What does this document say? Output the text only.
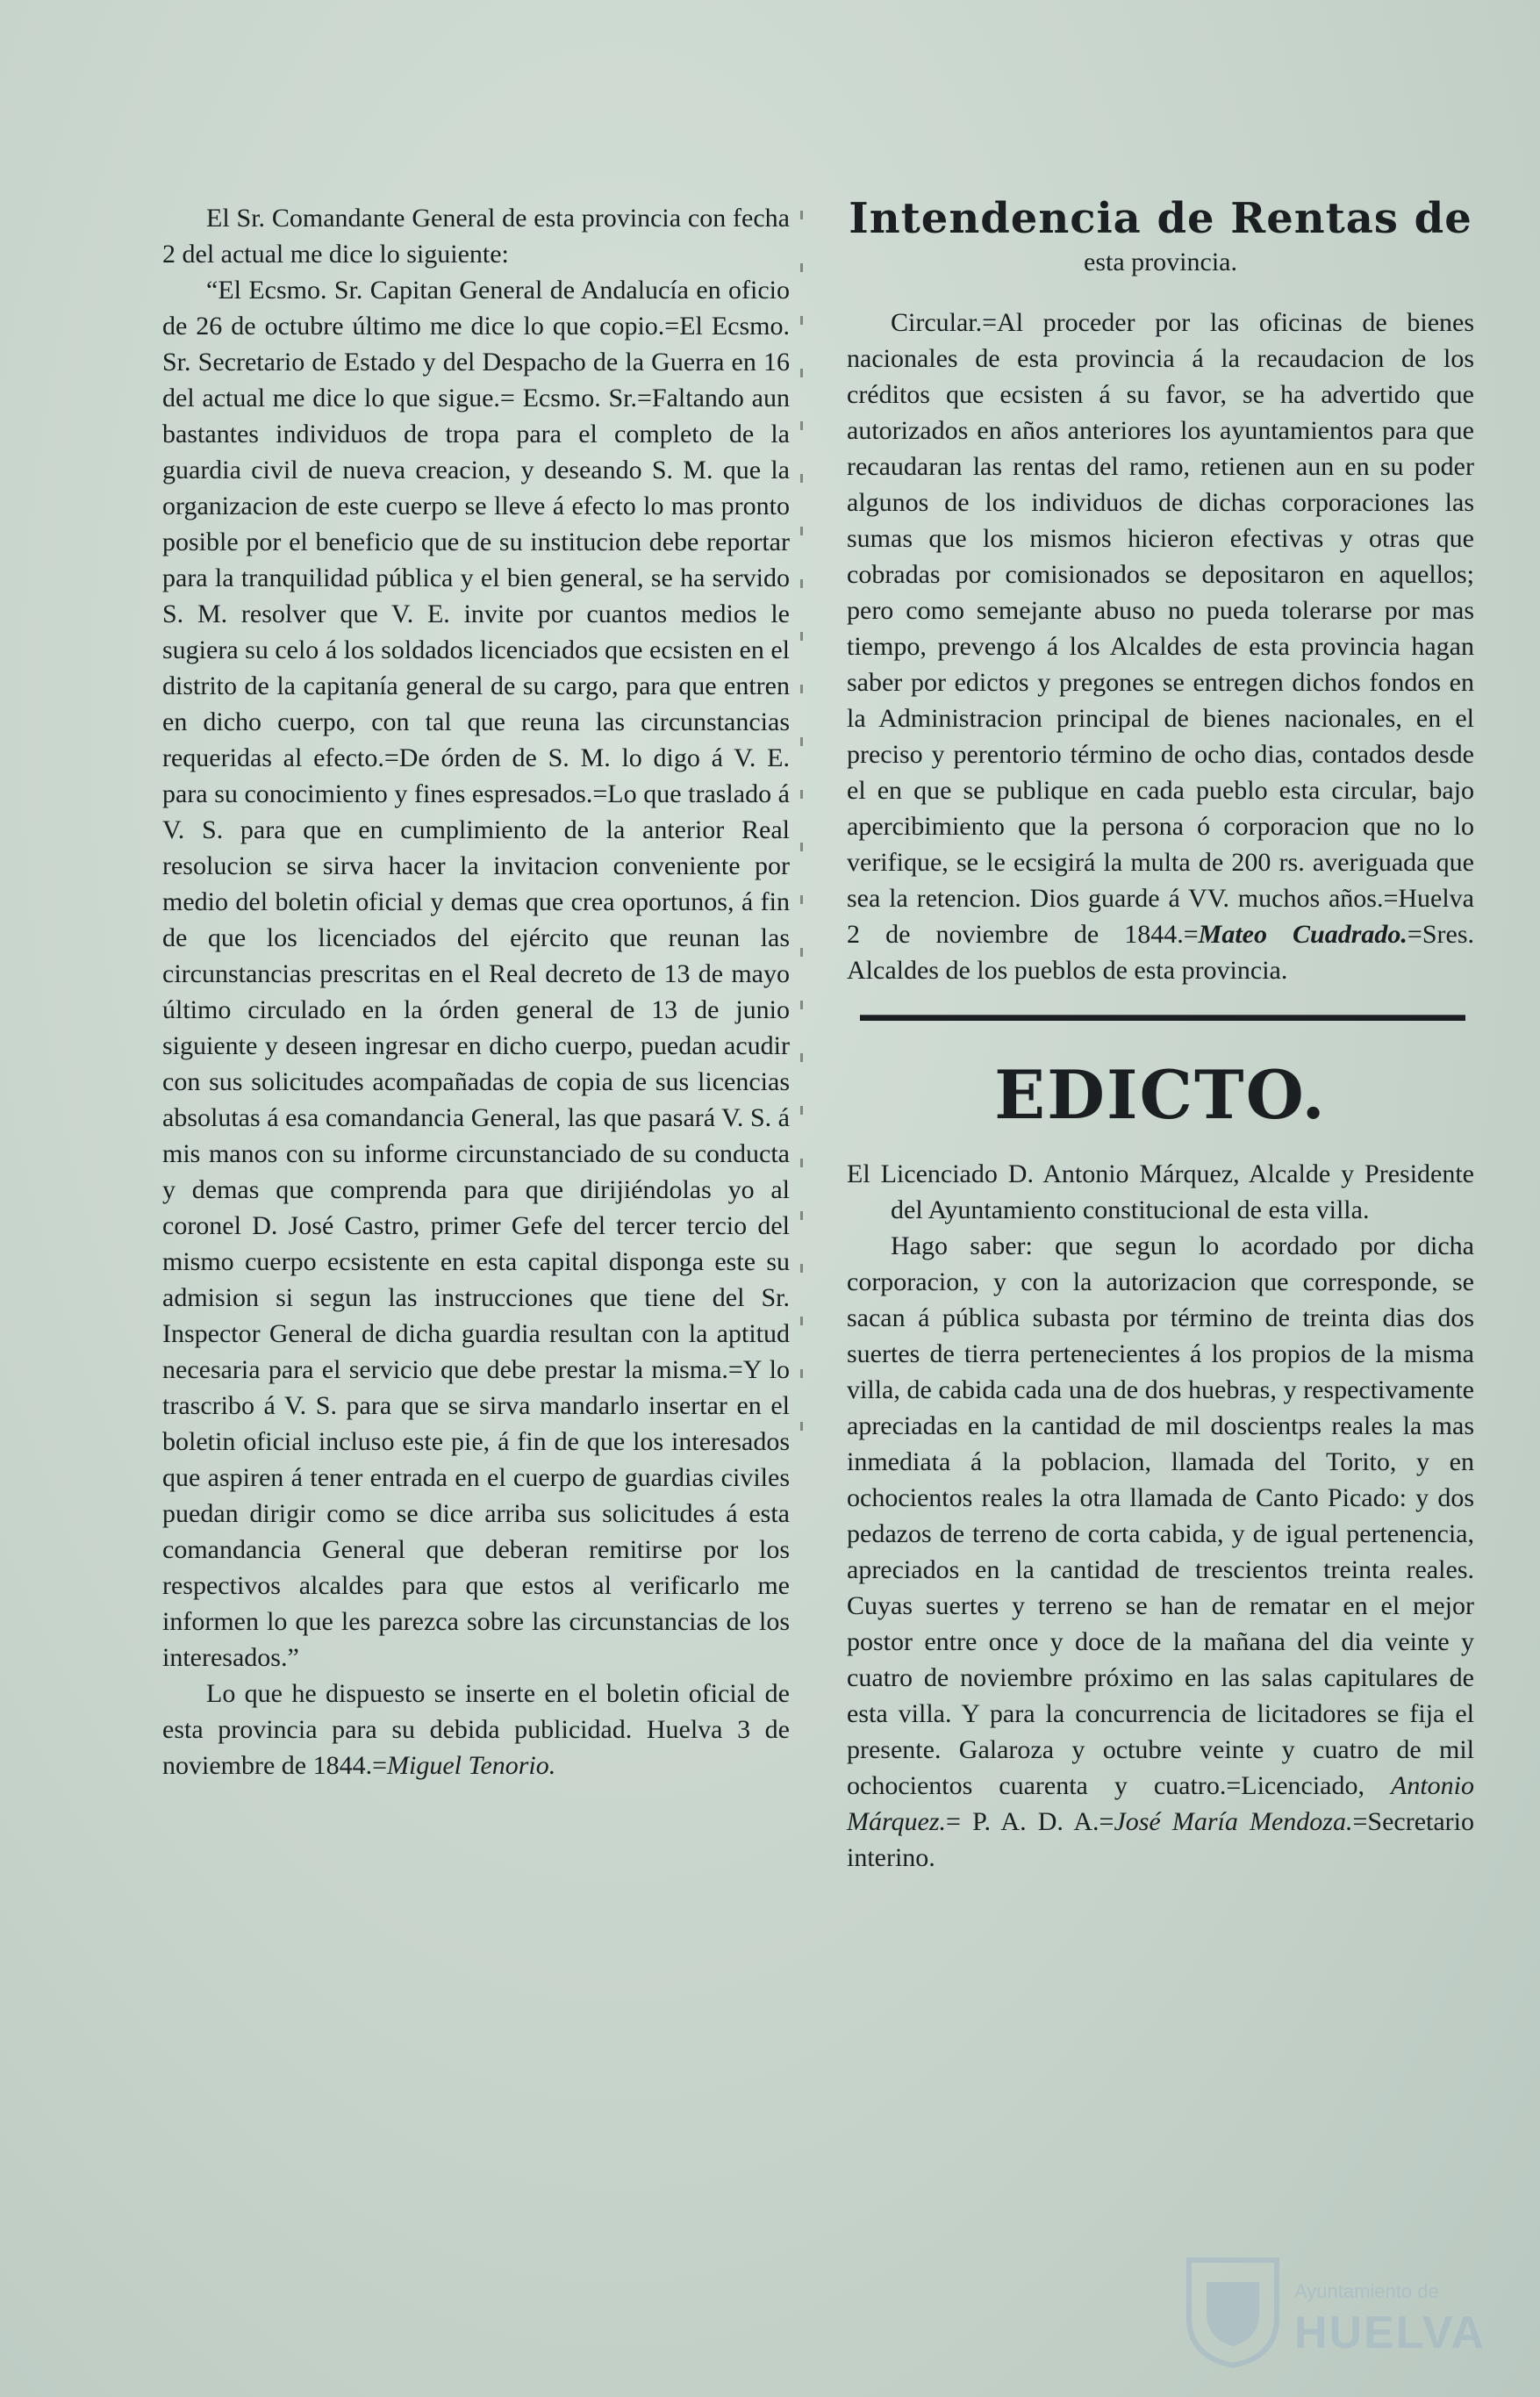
El Sr. Comandante General de esta provincia con fecha 2 del actual me dice lo siguiente:

“El Ecsmo. Sr. Capitan General de Andalucía en oficio de 26 de octubre último me dice lo que copio.=El Ecsmo. Sr. Secretario de Estado y del Despacho de la Guerra en 16 del actual me dice lo que sigue.= Ecsmo. Sr.=Faltando aun bastantes individuos de tropa para el completo de la guardia civil de nueva creacion, y deseando S. M. que la organizacion de este cuerpo se lleve á efecto lo mas pronto posible por el beneficio que de su institucion debe reportar para la tranquilidad pública y el bien general, se ha servido S. M. resolver que V. E. invite por cuantos medios le sugiera su celo á los soldados licenciados que ecsisten en el distrito de la capitanía general de su cargo, para que entren en dicho cuerpo, con tal que reuna las circunstancias requeridas al efecto.=De órden de S. M. lo digo á V. E. para su conocimiento y fines espresados.=Lo que traslado á V. S. para que en cumplimiento de la anterior Real resolucion se sirva hacer la invitacion conveniente por medio del boletin oficial y demas que crea oportunos, á fin de que los licenciados del ejército que reunan las circunstancias prescritas en el Real decreto de 13 de mayo último circulado en la órden general de 13 de junio siguiente y deseen ingresar en dicho cuerpo, puedan acudir con sus solicitudes acompañadas de copia de sus licencias absolutas á esa comandancia General, las que pasará V. S. á mis manos con su informe circunstanciado de su conducta y demas que comprenda para que dirijiéndolas yo al coronel D. José Castro, primer Gefe del tercer tercio del mismo cuerpo ecsistente en esta capital disponga este su admision si segun las instrucciones que tiene del Sr. Inspector General de dicha guardia resultan con la aptitud necesaria para el servicio que debe prestar la misma.=Y lo trascribo á V. S. para que se sirva mandarlo insertar en el boletin oficial incluso este pie, á fin de que los interesados que aspiren á tener entrada en el cuerpo de guardias civiles puedan dirigir como se dice arriba sus solicitudes á esta comandancia General que deberan remitirse por los respectivos alcaldes para que estos al verificarlo me informen lo que les parezca sobre las circunstancias de los interesados.”

Lo que he dispuesto se inserte en el boletin oficial de esta provincia para su debida publicidad. Huelva 3 de noviembre de 1844.=Miguel Tenorio.

Intendencia de Rentas de
esta provincia.

Circular.=Al proceder por las oficinas de bienes nacionales de esta provincia á la recaudacion de los créditos que ecsisten á su favor, se ha advertido que autorizados en años anteriores los ayuntamientos para que recaudaran las rentas del ramo, retienen aun en su poder algunos de los individuos de dichas corporaciones las sumas que los mismos hicieron efectivas y otras que cobradas por comisionados se depositaron en aquellos; pero como semejante abuso no pueda tolerarse por mas tiempo, prevengo á los Alcaldes de esta provincia hagan saber por edictos y pregones se entregen dichos fondos en la Administracion principal de bienes nacionales, en el preciso y perentorio término de ocho dias, contados desde el en que se publique en cada pueblo esta circular, bajo apercibimiento que la persona ó corporacion que no lo verifique, se le ecsigirá la multa de 200 rs. averiguada que sea la retencion. Dios guarde á VV. muchos años.=Huelva 2 de noviembre de 1844.=Mateo Cuadrado.=Sres. Alcaldes de los pueblos de esta provincia.

EDICTO.

El Licenciado D. Antonio Márquez, Alcalde y Presidente del Ayuntamiento constitucional de esta villa.

Hago saber: que segun lo acordado por dicha corporacion, y con la autorizacion que corresponde, se sacan á pública subasta por término de treinta dias dos suertes de tierra pertenecientes á los propios de la misma villa, de cabida cada una de dos huebras, y respectivamente apreciadas en la cantidad de mil doscientps reales la mas inmediata á la poblacion, llamada del Torito, y en ochocientos reales la otra llamada de Canto Picado: y dos pedazos de terreno de corta cabida, y de igual pertenencia, apreciados en la cantidad de trescientos treinta reales. Cuyas suertes y terreno se han de rematar en el mejor postor entre once y doce de la mañana del dia veinte y cuatro de noviembre próximo en las salas capitulares de esta villa. Y para la concurrencia de licitadores se fija el presente. Galaroza y octubre veinte y cuatro de mil ochocientos cuarenta y cuatro.=Licenciado, Antonio Márquez.= P. A. D. A.=José María Mendoza.=Secretario interino.

Ayuntamiento de
HUELVA
